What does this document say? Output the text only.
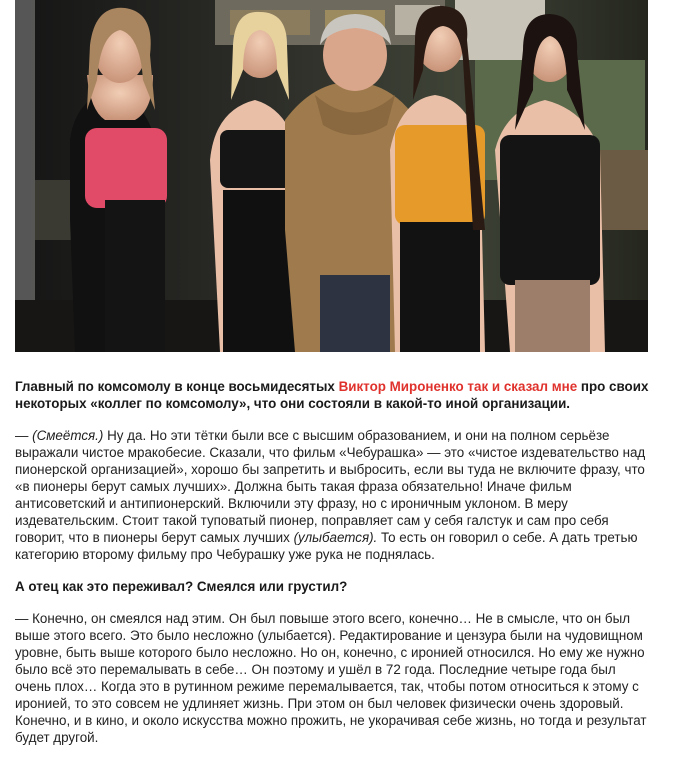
Главный по комсомолу в конце восьмидесятых Виктор Мироненко так и сказал мне про своих некоторых «коллег по комсомолу», что они состояли в какой-то иной организации.

— (Смеётся.) Ну да. Но эти тётки были все с высшим образованием, и они на полном серьёзе выражали чистое мракобесие. Сказали, что фильм «Чебурашка» — это «чистое издевательство над пионерской организацией», хорошо бы запретить и выбросить, если вы туда не включите фразу, что «в пионеры берут самых лучших». Должна быть такая фраза обязательно! Иначе фильм антисоветский и антипионерский. Включили эту фразу, но с ироничным уклоном. В меру издевательским. Стоит такой туповатый пионер, поправляет сам у себя галстук и сам про себя говорит, что в пионеры берут самых лучших (улыбается). То есть он говорил о себе. А дать третью категорию второму фильму про Чебурашку уже рука не поднялась.

А отец как это переживал? Смеялся или грустил?

— Конечно, он смеялся над этим. Он был повыше этого всего, конечно… Не в смысле, что он был выше этого всего. Это было несложно (улыбается). Редактирование и цензура были на чудовищном уровне, быть выше которого было несложно. Но он, конечно, с иронией относился. Но ему же нужно было всё это перемалывать в себе… Он поэтому и ушёл в 72 года. Последние четыре года был очень плох… Когда это в рутинном режиме перемалывается, так, чтобы потом относиться к этому с иронией, то это совсем не удлиняет жизнь. При этом он был человек физически очень здоровый. Конечно, и в кино, и около искусства можно прожить, не укорачивая себе жизнь, но тогда и результат будет другой.
